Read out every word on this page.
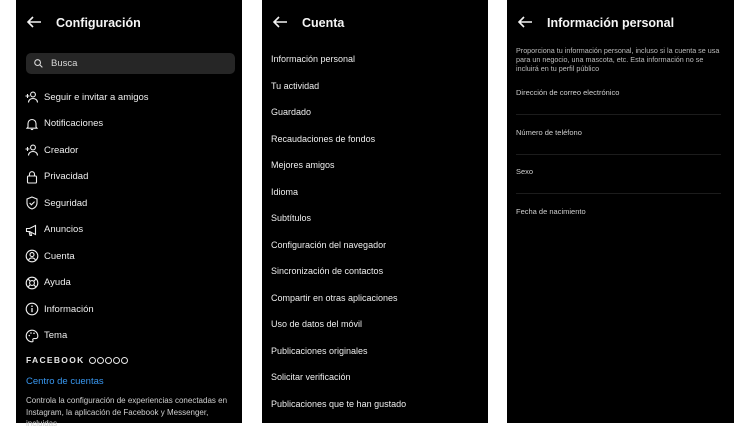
Configuración
Busca
Seguir e invitar a amigos
Notificaciones
Creador
Privacidad
Seguridad
Anuncios
Cuenta
Ayuda
Información
Tema
FACEBOOK
Centro de cuentas
Controla la configuración de experiencias conectadas en Instagram, la aplicación de Facebook y Messenger, incluidas
Cuenta
Información personal
Tu actividad
Guardado
Recaudaciones de fondos
Mejores amigos
Idioma
Subtítulos
Configuración del navegador
Sincronización de contactos
Compartir en otras aplicaciones
Uso de datos del móvil
Publicaciones originales
Solicitar verificación
Publicaciones que te han gustado
Información personal
Proporciona tu información personal, incluso si la cuenta se usa para un negocio, una mascota, etc. Esta información no se incluirá en tu perfil público
Dirección de correo electrónico
Número de teléfono
Sexo
Fecha de nacimiento
